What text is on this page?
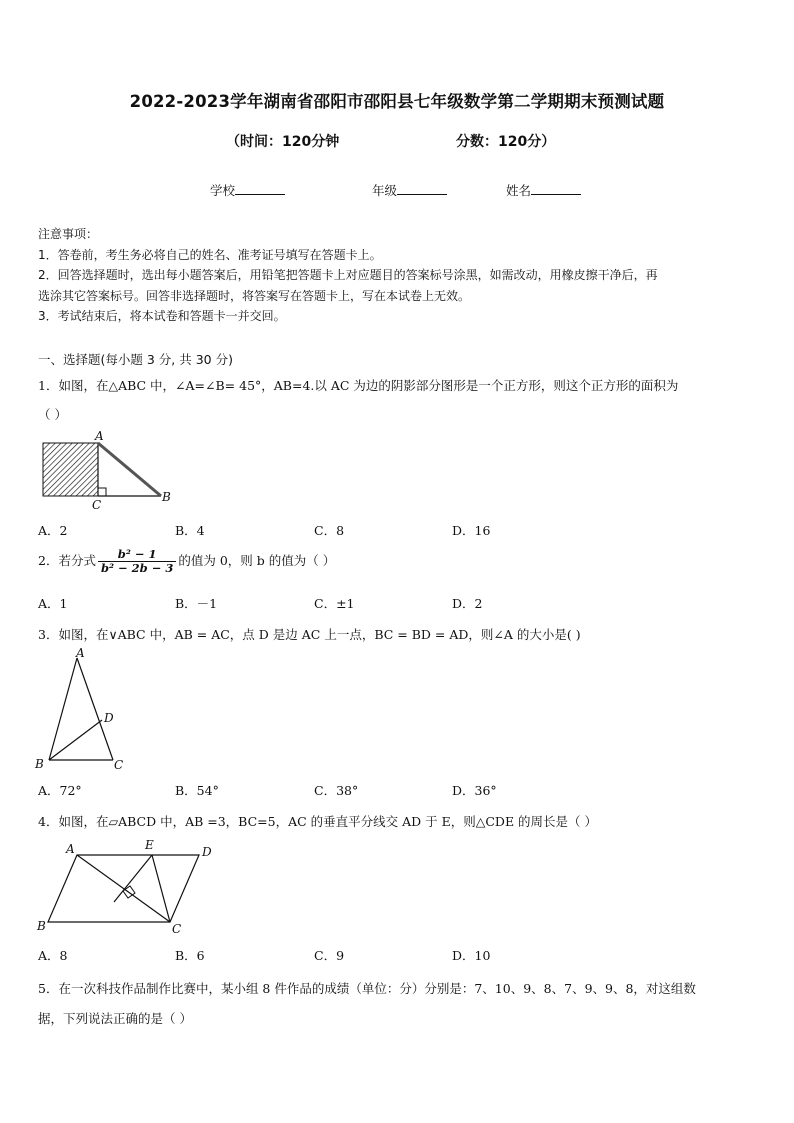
2022-2023学年湖南省邵阳市邵阳县七年级数学第二学期期末预测试题
（时间：120分钟	分数：120分）
学校	年级	姓名
注意事项：
1．答卷前，考生务必将自己的姓名、准考证号填写在答题卡上。
2．回答选择题时，选出每小题答案后，用铅笔把答题卡上对应题目的答案标号涂黑，如需改动，用橡皮擦干净后，再
选涂其它答案标号。回答非选择题时，将答案写在答题卡上，写在本试卷上无效。
3．考试结束后，将本试卷和答题卡一并交回。
一、选择题(每小题 3 分, 共 30 分)
1．如图，在△ABC 中，∠A=∠B= 45°，AB=4.以 AC 为边的阴影部分图形是一个正方形，则这个正方形的面积为
（ ）
A
B
C
A．2	B．4	C．8	D．16
2．若分式 $\frac{\text{b² − 1}}{\text{b² − 2b − 3}}$ 的值为 0，则 b 的值为（ ）
A．1	B．－1	C．±1	D．2
3．如图，在∨ABC 中，AB = AC，点 D 是边 AC 上一点，BC = BD = AD，则∠A 的大小是( )
A
B	C
D
A．72°	B．54°	C．38°	D．36°
4．如图，在▱ABCD 中，AB =3，BC=5，AC 的垂直平分线交 AD 于 E，则△CDE 的周长是（ ）
A
B	C
D
E
A．8	B．6	C．9	D．10
5．在一次科技作品制作比赛中，某小组 8 件作品的成绩（单位：分）分别是：7、10、9、8、7、9、9、8，对这组数
据，下列说法正确的是（ ）
